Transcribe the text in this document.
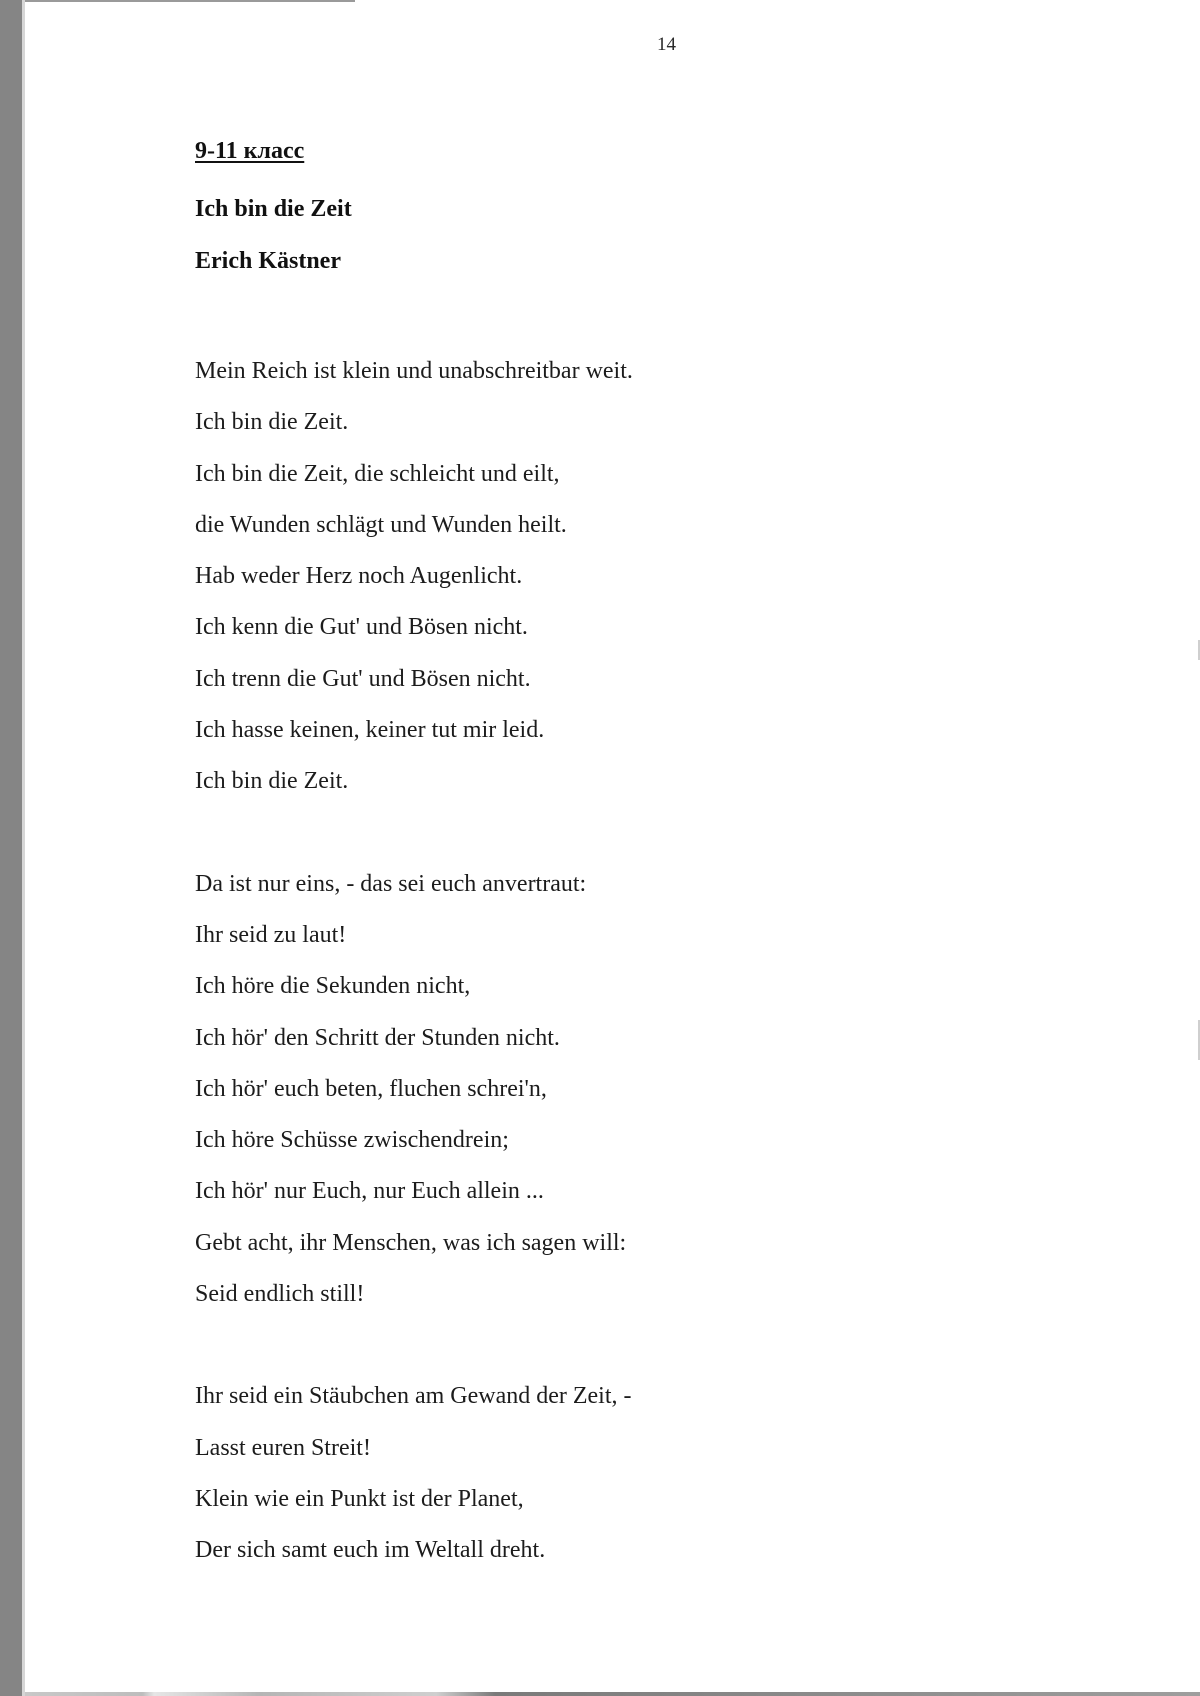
14
9-11 класс
Ich bin die Zeit
Erich Kästner
Mein Reich ist klein und unabschreitbar weit.
Ich bin die Zeit.
Ich bin die Zeit, die schleicht und eilt,
die Wunden schlägt und Wunden heilt.
Hab weder Herz noch Augenlicht.
Ich kenn die Gut' und Bösen nicht.
Ich trenn die Gut' und Bösen nicht.
Ich hasse keinen, keiner tut mir leid.
Ich bin die Zeit.
Da ist nur eins, - das sei euch anvertraut:
Ihr seid zu laut!
Ich höre die Sekunden nicht,
Ich hör' den Schritt der Stunden nicht.
Ich hör' euch beten, fluchen schrei'n,
Ich höre Schüsse zwischendrein;
Ich hör' nur Euch, nur Euch allein ...
Gebt acht, ihr Menschen, was ich sagen will:
Seid endlich still!
Ihr seid ein Stäubchen am Gewand der Zeit, -
Lasst euren Streit!
Klein wie ein Punkt ist der Planet,
Der sich samt euch im Weltall dreht.
